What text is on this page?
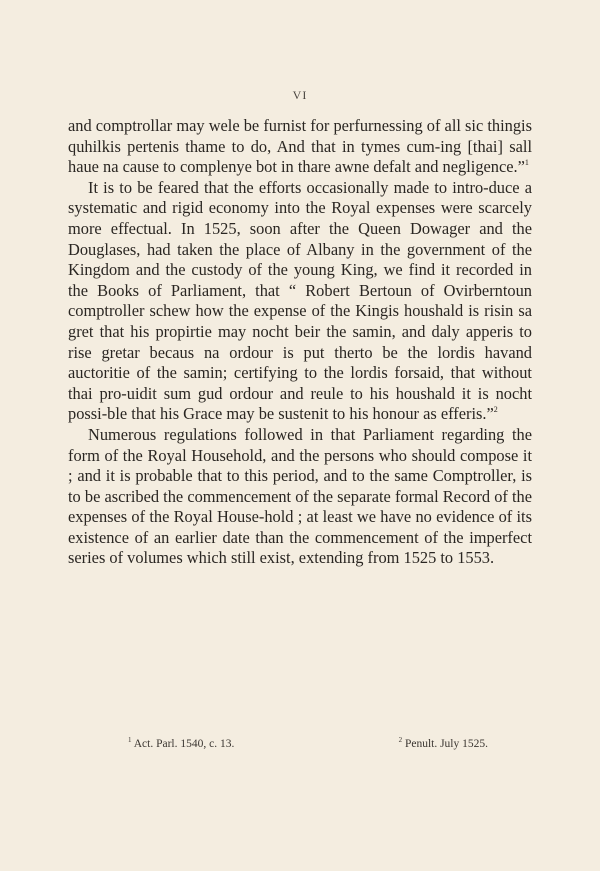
VI

and comptrollar may wele be furnist for perfurnessing of all sic thingis quhilkis pertenis thame to do, And that in tymes cum-ing [thai] sall haue na cause to complenye bot in thare awne defalt and negligence.”$^1$

It is to be feared that the efforts occasionally made to intro-duce a systematic and rigid economy into the Royal expenses were scarcely more effectual. In 1525, soon after the Queen Dowager and the Douglases, had taken the place of Albany in the government of the Kingdom and the custody of the young King, we find it recorded in the Books of Parliament, that “ Robert Bertoun of Ovirberntoun comptroller schew how the expense of the Kingis houshald is risin sa gret that his propirtie may nocht beir the samin, and daly apperis to rise gretar becaus na ordour is put therto be the lordis havand auctoritie of the samin; certifying to the lordis forsaid, that without thai pro-uidit sum gud ordour and reule to his houshald it is nocht possi-ble that his Grace may be sustenit to his honour as efferis.”$^2$

Numerous regulations followed in that Parliament regarding the form of the Royal Household, and the persons who should compose it ; and it is probable that to this period, and to the same Comptroller, is to be ascribed the commencement of the separate formal Record of the expenses of the Royal House-hold ; at least we have no evidence of its existence of an earlier date than the commencement of the imperfect series of volumes which still exist, extending from 1525 to 1553.

$^1$ Act. Parl. 1540, c. 13.	$^2$ Penult. July 1525.
